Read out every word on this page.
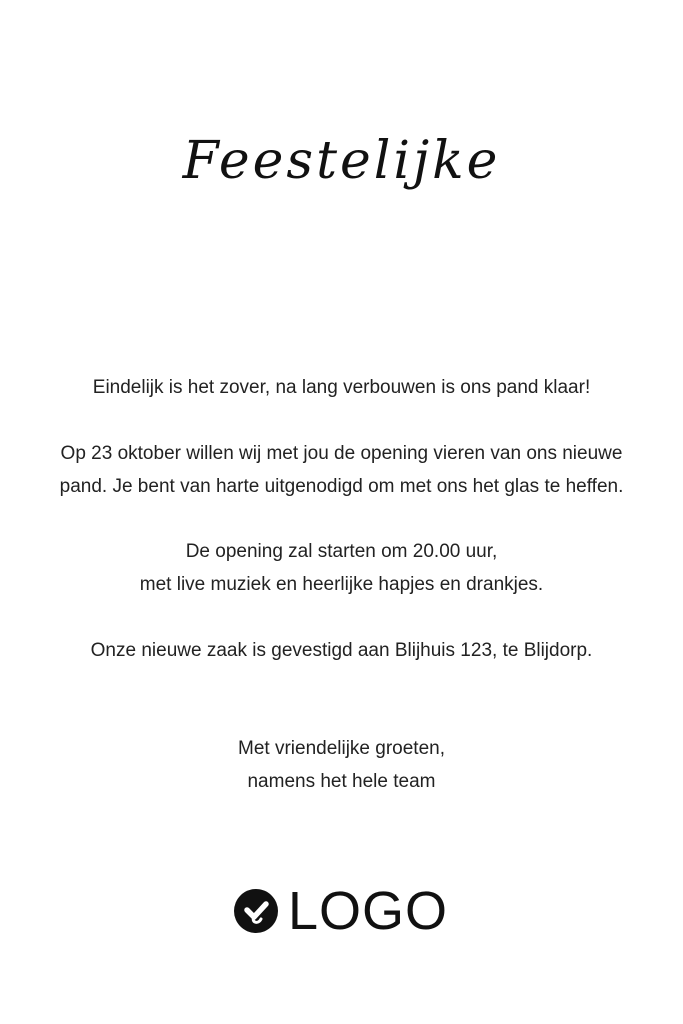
Feestelijke

Eindelijk is het zover, na lang verbouwen is ons pand klaar!

Op 23 oktober willen wij met jou de opening vieren van ons nieuwe

pand. Je bent van harte uitgenodigd om met ons het glas te heffen.

De opening zal starten om 20.00 uur,

met live muziek en heerlijke hapjes en drankjes.

Onze nieuwe zaak is gevestigd aan Blijhuis 123, te Blijdorp.

Met vriendelijke groeten,

namens het hele team

LOGO
